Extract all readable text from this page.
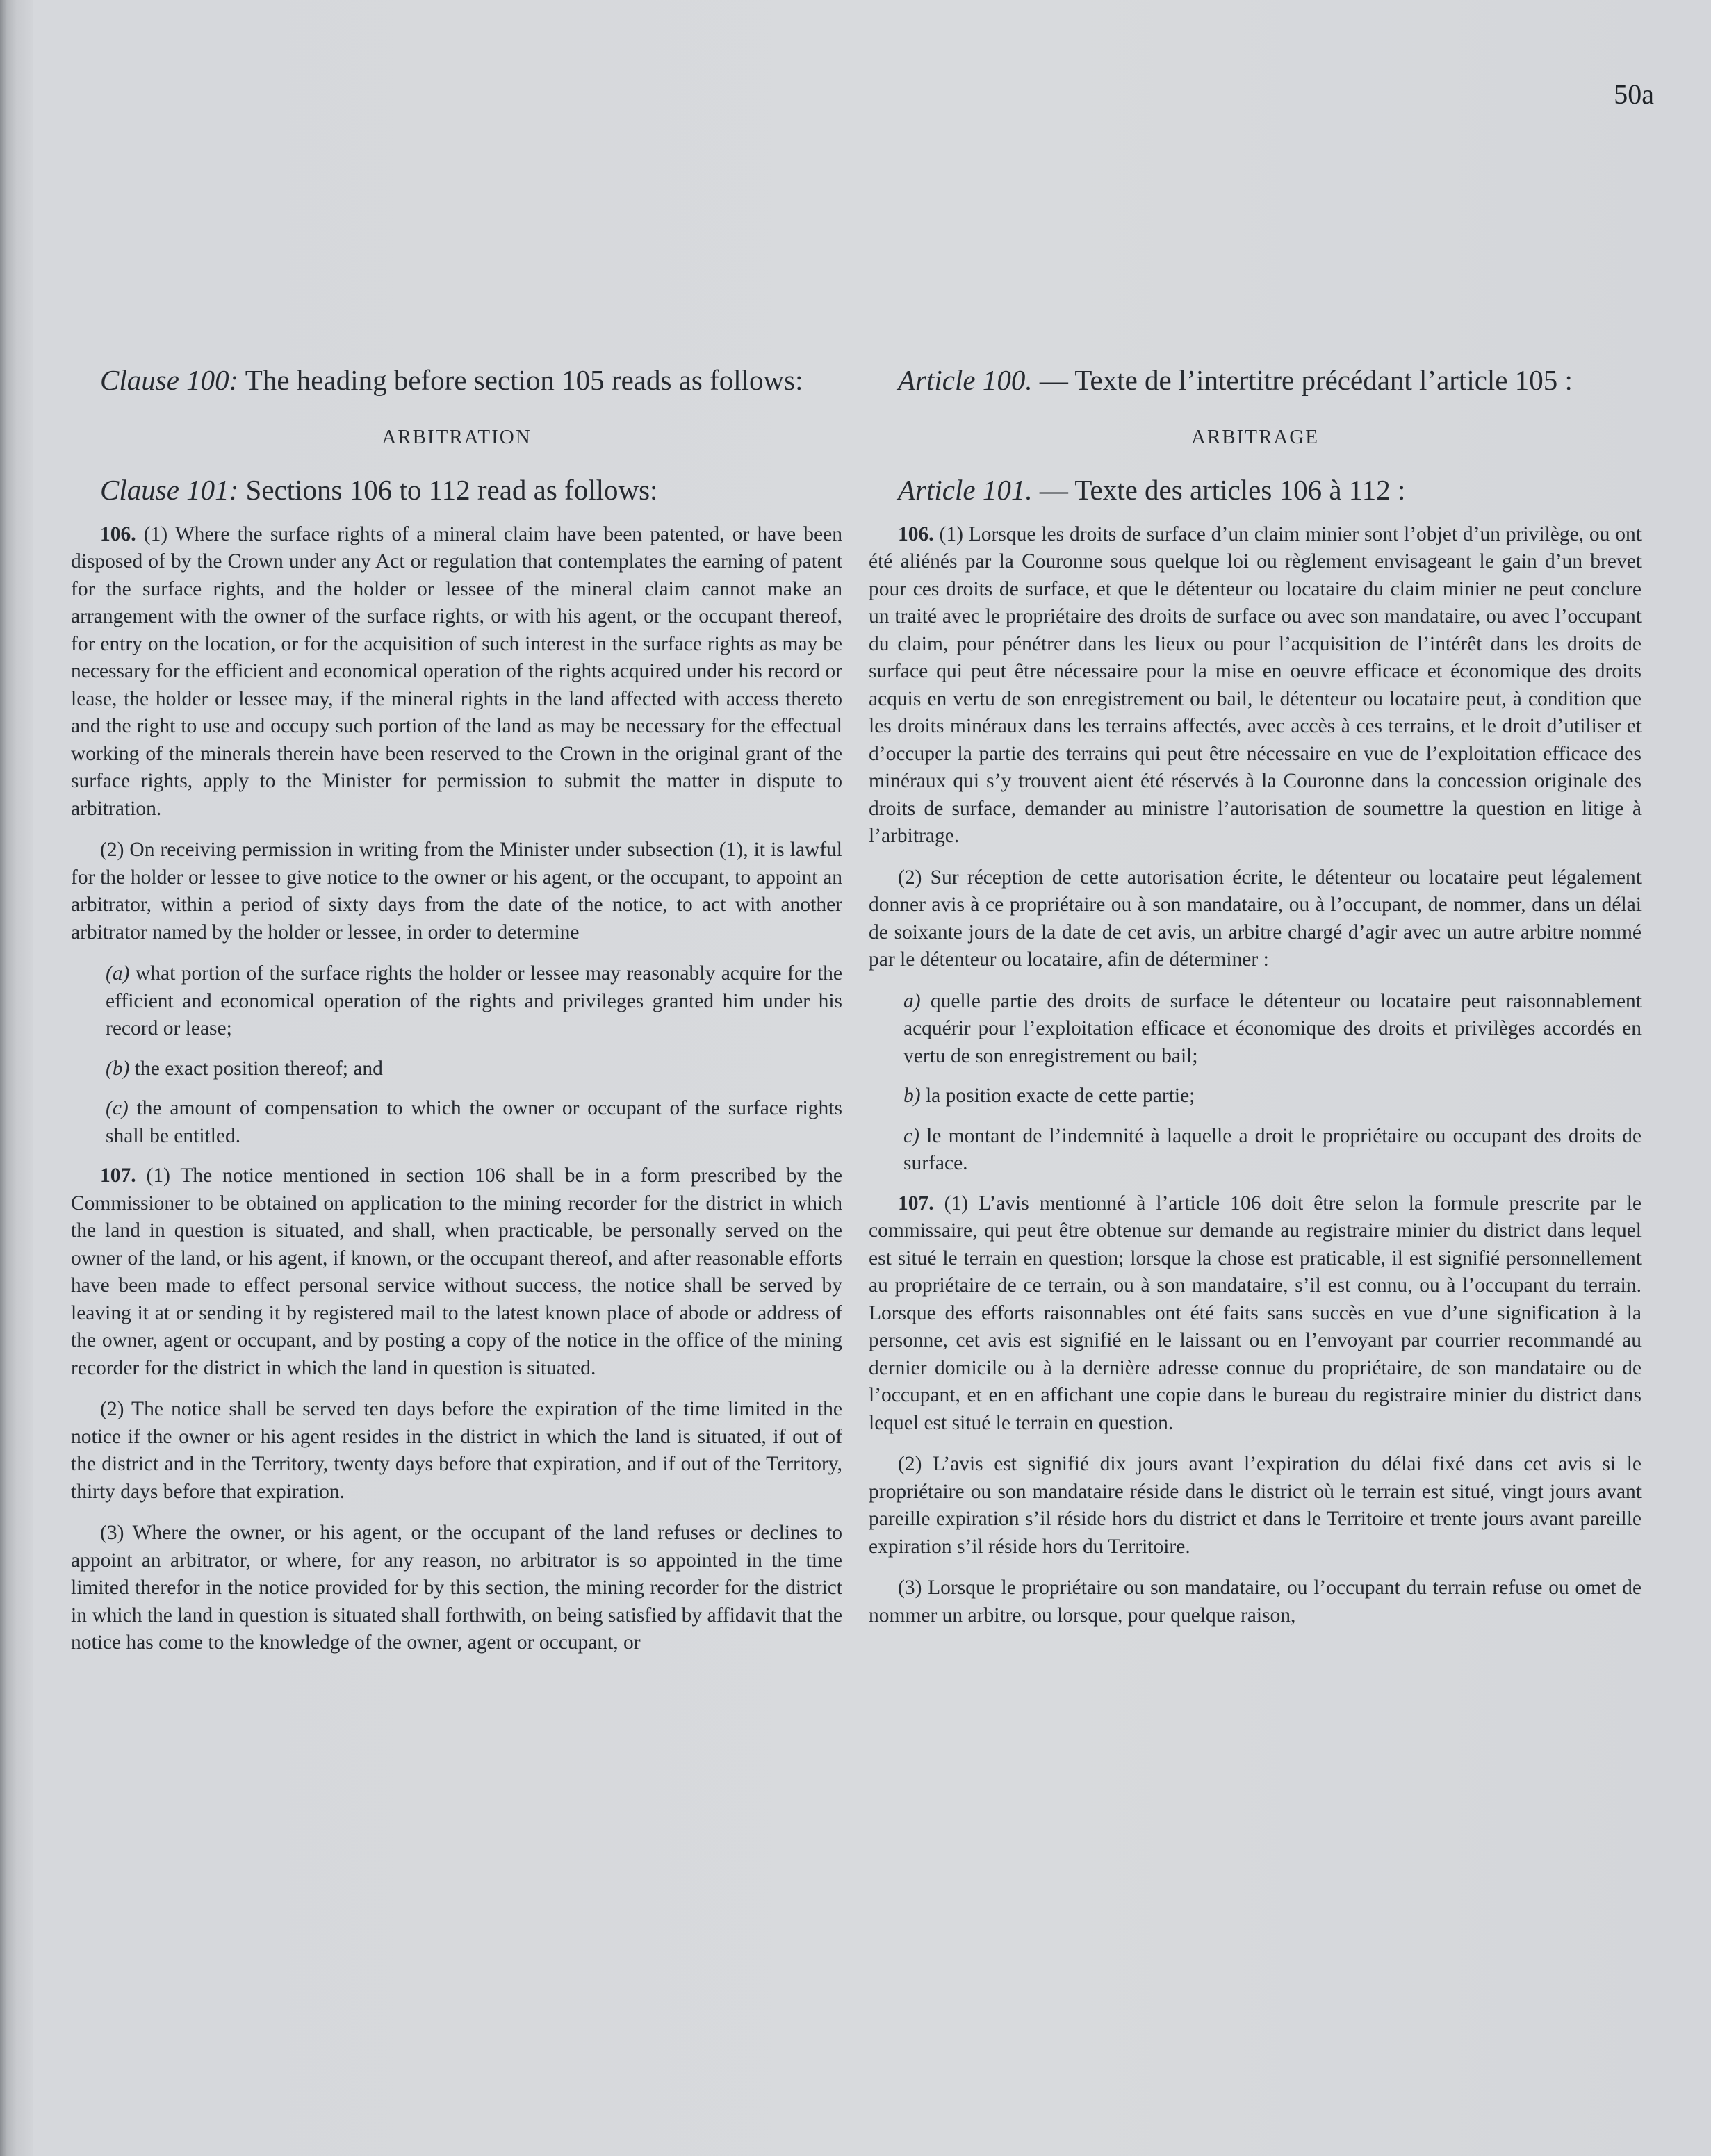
50a
Clause 100: The heading before section 105 reads as follows:
ARBITRATION
Clause 101: Sections 106 to 112 read as follows:

106. (1) Where the surface rights of a mineral claim have been patented, or have been disposed of by the Crown under any Act or regulation that contemplates the earning of patent for the surface rights, and the holder or lessee of the mineral claim cannot make an arrangement with the owner of the surface rights, or with his agent, or the occupant thereof, for entry on the location, or for the acquisition of such interest in the surface rights as may be necessary for the efficient and economical operation of the rights acquired under his record or lease, the holder or lessee may, if the mineral rights in the land affected with access thereto and the right to use and occupy such portion of the land as may be necessary for the effectual working of the minerals therein have been reserved to the Crown in the original grant of the surface rights, apply to the Minister for permission to submit the matter in dispute to arbitration.

(2) On receiving permission in writing from the Minister under subsection (1), it is lawful for the holder or lessee to give notice to the owner or his agent, or the occupant, to appoint an arbitrator, within a period of sixty days from the date of the notice, to act with another arbitrator named by the holder or lessee, in order to determine

(a) what portion of the surface rights the holder or lessee may reasonably acquire for the efficient and economical operation of the rights and privileges granted him under his record or lease;

(b) the exact position thereof; and

(c) the amount of compensation to which the owner or occupant of the surface rights shall be entitled.

107. (1) The notice mentioned in section 106 shall be in a form prescribed by the Commissioner to be obtained on application to the mining recorder for the district in which the land in question is situated, and shall, when practicable, be personally served on the owner of the land, or his agent, if known, or the occupant thereof, and after reasonable efforts have been made to effect personal service without success, the notice shall be served by leaving it at or sending it by registered mail to the latest known place of abode or address of the owner, agent or occupant, and by posting a copy of the notice in the office of the mining recorder for the district in which the land in question is situated.

(2) The notice shall be served ten days before the expiration of the time limited in the notice if the owner or his agent resides in the district in which the land is situated, if out of the district and in the Territory, twenty days before that expiration, and if out of the Territory, thirty days before that expiration.

(3) Where the owner, or his agent, or the occupant of the land refuses or declines to appoint an arbitrator, or where, for any reason, no arbitrator is so appointed in the time limited therefor in the notice provided for by this section, the mining recorder for the district in which the land in question is situated shall forthwith, on being satisfied by affidavit that the notice has come to the knowledge of the owner, agent or occupant, or

Article 100. — Texte de l’intertitre précédant l’article 105 :
ARBITRAGE
Article 101. — Texte des articles 106 à 112 :

106. (1) Lorsque les droits de surface d’un claim minier sont l’objet d’un privilège, ou ont été aliénés par la Couronne sous quelque loi ou règlement envisageant le gain d’un brevet pour ces droits de surface, et que le détenteur ou locataire du claim minier ne peut conclure un traité avec le propriétaire des droits de surface ou avec son mandataire, ou avec l’occupant du claim, pour pénétrer dans les lieux ou pour l’acquisition de l’intérêt dans les droits de surface qui peut être nécessaire pour la mise en oeuvre efficace et économique des droits acquis en vertu de son enregistrement ou bail, le détenteur ou locataire peut, à condition que les droits minéraux dans les terrains affectés, avec accès à ces terrains, et le droit d’utiliser et d’occuper la partie des terrains qui peut être nécessaire en vue de l’exploitation efficace des minéraux qui s’y trouvent aient été réservés à la Couronne dans la concession originale des droits de surface, demander au ministre l’autorisation de soumettre la question en litige à l’arbitrage.

(2) Sur réception de cette autorisation écrite, le détenteur ou locataire peut légalement donner avis à ce propriétaire ou à son mandataire, ou à l’occupant, de nommer, dans un délai de soixante jours de la date de cet avis, un arbitre chargé d’agir avec un autre arbitre nommé par le détenteur ou locataire, afin de déterminer :

a) quelle partie des droits de surface le détenteur ou locataire peut raisonnablement acquérir pour l’exploitation efficace et économique des droits et privilèges accordés en vertu de son enregistrement ou bail;

b) la position exacte de cette partie;

c) le montant de l’indemnité à laquelle a droit le propriétaire ou occupant des droits de surface.

107. (1) L’avis mentionné à l’article 106 doit être selon la formule prescrite par le commissaire, qui peut être obtenue sur demande au registraire minier du district dans lequel est situé le terrain en question; lorsque la chose est praticable, il est signifié personnellement au propriétaire de ce terrain, ou à son mandataire, s’il est connu, ou à l’occupant du terrain. Lorsque des efforts raisonnables ont été faits sans succès en vue d’une signification à la personne, cet avis est signifié en le laissant ou en l’envoyant par courrier recommandé au dernier domicile ou à la dernière adresse connue du propriétaire, de son mandataire ou de l’occupant, et en en affichant une copie dans le bureau du registraire minier du district dans lequel est situé le terrain en question.

(2) L’avis est signifié dix jours avant l’expiration du délai fixé dans cet avis si le propriétaire ou son mandataire réside dans le district où le terrain est situé, vingt jours avant pareille expiration s’il réside hors du district et dans le Territoire et trente jours avant pareille expiration s’il réside hors du Territoire.

(3) Lorsque le propriétaire ou son mandataire, ou l’occupant du terrain refuse ou omet de nommer un arbitre, ou lorsque, pour quelque raison,
